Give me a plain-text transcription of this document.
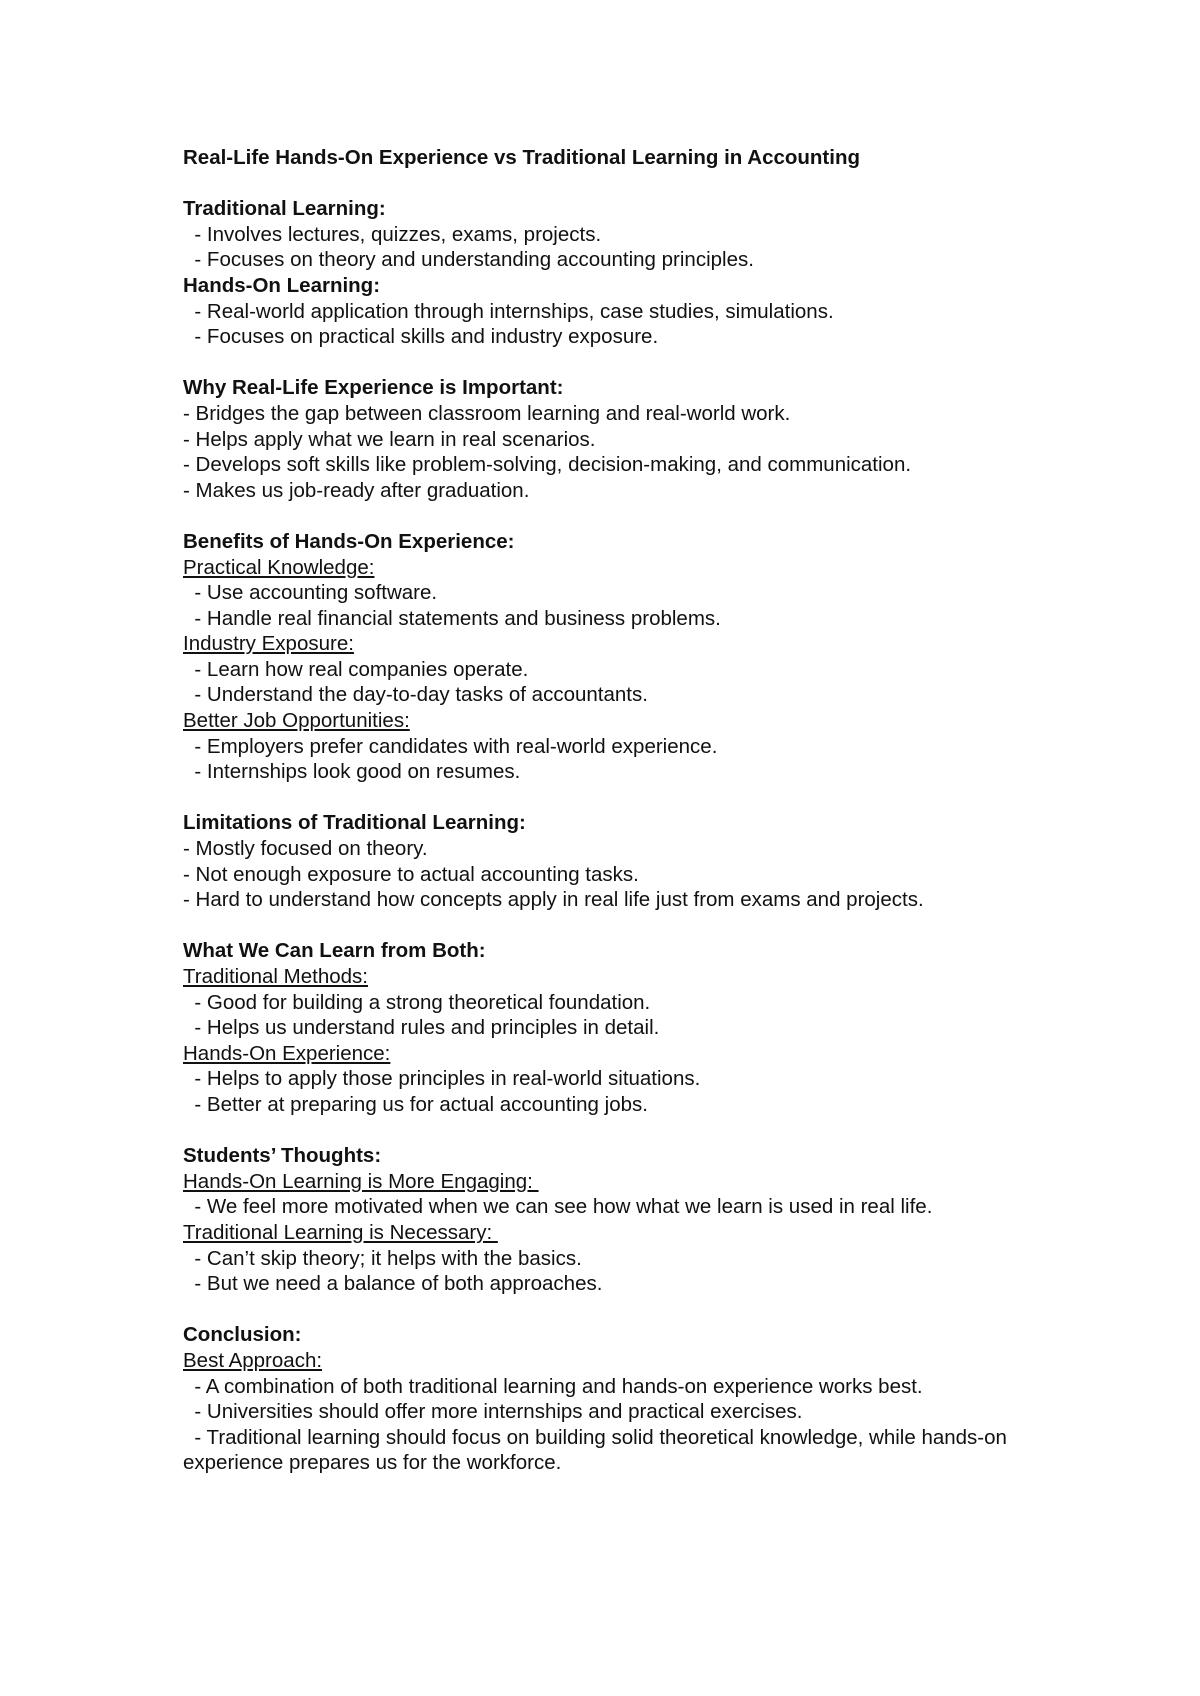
Real-Life Hands-On Experience vs Traditional Learning in Accounting
Traditional Learning:
- Involves lectures, quizzes, exams, projects.
- Focuses on theory and understanding accounting principles.
Hands-On Learning:
- Real-world application through internships, case studies, simulations.
- Focuses on practical skills and industry exposure.
Why Real-Life Experience is Important:
- Bridges the gap between classroom learning and real-world work.
- Helps apply what we learn in real scenarios.
- Develops soft skills like problem-solving, decision-making, and communication.
- Makes us job-ready after graduation.
Benefits of Hands-On Experience:
Practical Knowledge:
- Use accounting software.
- Handle real financial statements and business problems.
Industry Exposure:
- Learn how real companies operate.
- Understand the day-to-day tasks of accountants.
Better Job Opportunities:
- Employers prefer candidates with real-world experience.
- Internships look good on resumes.
Limitations of Traditional Learning:
- Mostly focused on theory.
- Not enough exposure to actual accounting tasks.
- Hard to understand how concepts apply in real life just from exams and projects.
What We Can Learn from Both:
Traditional Methods:
- Good for building a strong theoretical foundation.
- Helps us understand rules and principles in detail.
Hands-On Experience:
- Helps to apply those principles in real-world situations.
- Better at preparing us for actual accounting jobs.
Students’ Thoughts:
Hands-On Learning is More Engaging:
- We feel more motivated when we can see how what we learn is used in real life.
Traditional Learning is Necessary:
- Can’t skip theory; it helps with the basics.
- But we need a balance of both approaches.
Conclusion:
Best Approach:
- A combination of both traditional learning and hands-on experience works best.
- Universities should offer more internships and practical exercises.
- Traditional learning should focus on building solid theoretical knowledge, while hands-on experience prepares us for the workforce.
